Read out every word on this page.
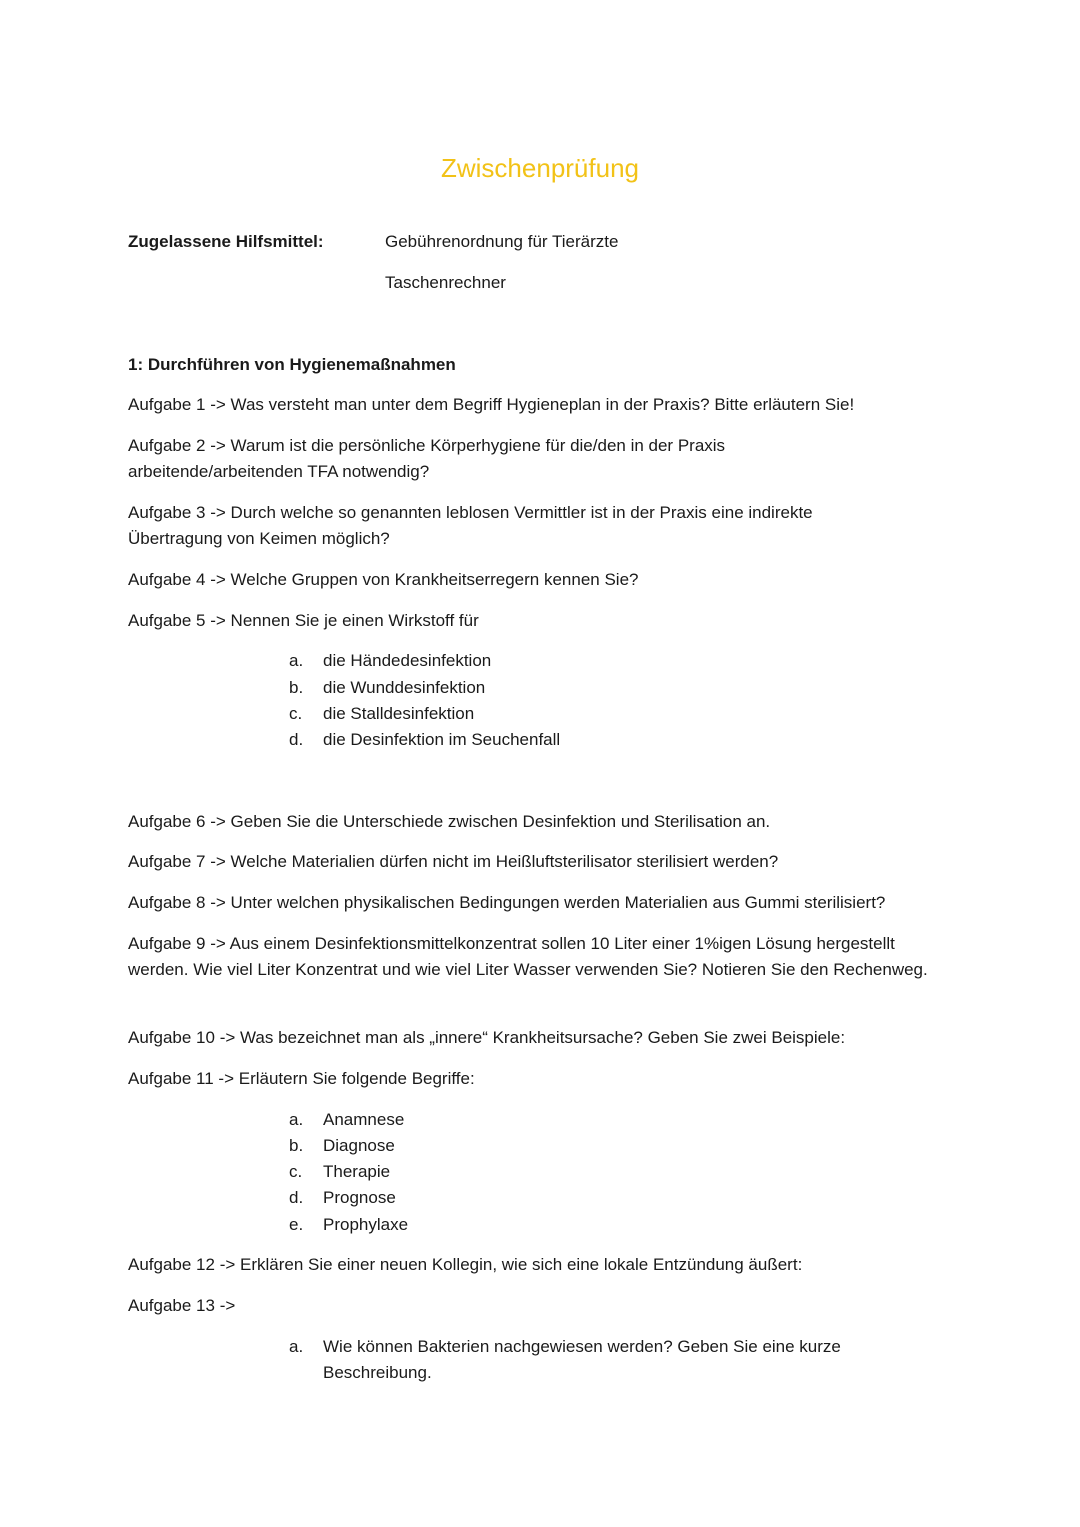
Zwischenprüfung
Zugelassene Hilfsmittel:	Gebührenordnung für Tierärzte
Taschenrechner
1: Durchführen von Hygienemaßnahmen
Aufgabe 1 -> Was versteht man unter dem Begriff Hygieneplan in der Praxis? Bitte erläutern Sie!
Aufgabe 2 -> Warum ist die persönliche Körperhygiene für die/den in der Praxis arbeitende/arbeitenden TFA notwendig?
Aufgabe 3 -> Durch welche so genannten leblosen Vermittler ist in der Praxis eine indirekte Übertragung von Keimen möglich?
Aufgabe 4 -> Welche Gruppen von Krankheitserregern kennen Sie?
Aufgabe 5 -> Nennen Sie je einen Wirkstoff für
a. die Händedesinfektion
b. die Wunddesinfektion
c. die Stalldesinfektion
d. die Desinfektion im Seuchenfall
Aufgabe 6 -> Geben Sie die Unterschiede zwischen Desinfektion und Sterilisation an.
Aufgabe 7 -> Welche Materialien dürfen nicht im Heißluftsterilisator sterilisiert werden?
Aufgabe 8 -> Unter welchen physikalischen Bedingungen werden Materialien aus Gummi sterilisiert?
Aufgabe 9 -> Aus einem Desinfektionsmittelkonzentrat sollen 10 Liter einer 1%igen Lösung hergestellt werden. Wie viel Liter Konzentrat und wie viel Liter Wasser verwenden Sie? Notieren Sie den Rechenweg.
Aufgabe 10 -> Was bezeichnet man als „innere“ Krankheitsursache? Geben Sie zwei Beispiele:
Aufgabe 11 -> Erläutern Sie folgende Begriffe:
a. Anamnese
b. Diagnose
c. Therapie
d. Prognose
e. Prophylaxe
Aufgabe 12 -> Erklären Sie einer neuen Kollegin, wie sich eine lokale Entzündung äußert:
Aufgabe 13 ->
a.	Wie können Bakterien nachgewiesen werden? Geben Sie eine kurze Beschreibung.
